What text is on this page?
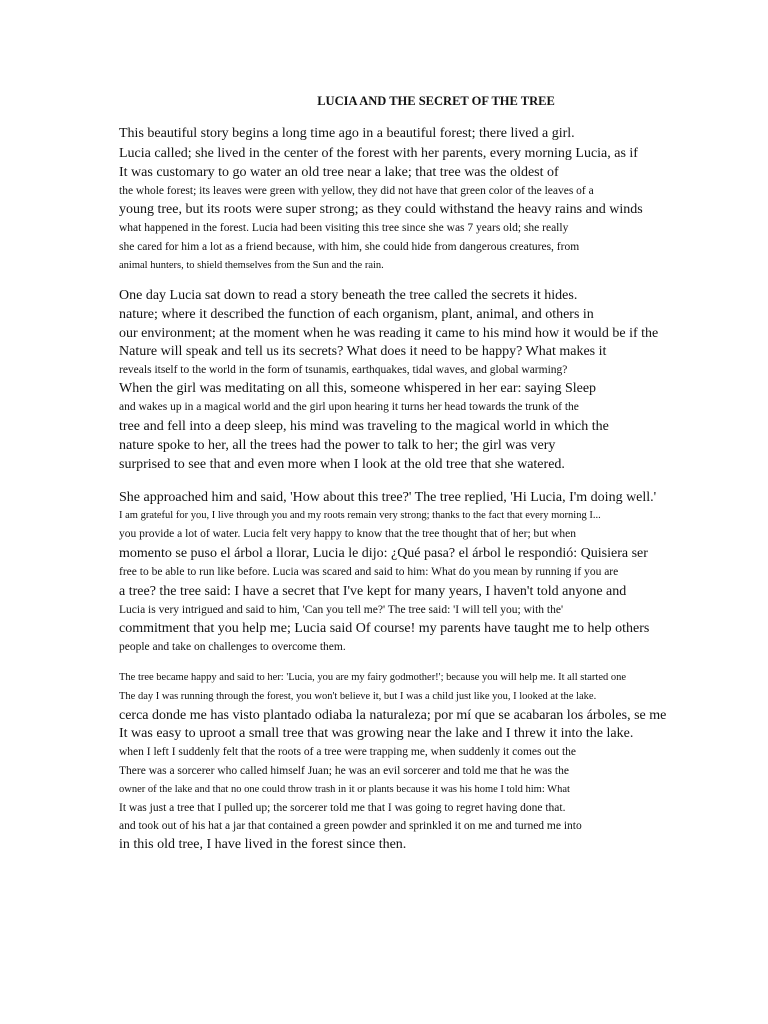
LUCIA AND THE SECRET OF THE TREE
This beautiful story begins a long time ago in a beautiful forest; there lived a girl.
Lucia called; she lived in the center of the forest with her parents, every morning Lucia, as if
It was customary to go water an old tree near a lake; that tree was the oldest of
the whole forest; its leaves were green with yellow, they did not have that green color of the leaves of a
young tree, but its roots were super strong; as they could withstand the heavy rains and winds
what happened in the forest. Lucia had been visiting this tree since she was 7 years old; she really
she cared for him a lot as a friend because, with him, she could hide from dangerous creatures, from
animal hunters, to shield themselves from the Sun and the rain.
One day Lucia sat down to read a story beneath the tree called the secrets it hides.
nature; where it described the function of each organism, plant, animal, and others in
our environment; at the moment when he was reading it came to his mind how it would be if the
Nature will speak and tell us its secrets? What does it need to be happy? What makes it
reveals itself to the world in the form of tsunamis, earthquakes, tidal waves, and global warming?
When the girl was meditating on all this, someone whispered in her ear: saying Sleep
and wakes up in a magical world and the girl upon hearing it turns her head towards the trunk of the
tree and fell into a deep sleep, his mind was traveling to the magical world in which the
nature spoke to her, all the trees had the power to talk to her; the girl was very
surprised to see that and even more when I look at the old tree that she watered.
She approached him and said, 'How about this tree?' The tree replied, 'Hi Lucia, I'm doing well.'
I am grateful for you, I live through you and my roots remain very strong; thanks to the fact that every morning I...
you provide a lot of water. Lucia felt very happy to know that the tree thought that of her; but when
momento se puso el árbol a llorar, Lucia le dijo: ¿Qué pasa? el árbol le respondió: Quisiera ser
free to be able to run like before. Lucia was scared and said to him: What do you mean by running if you are
a tree? the tree said: I have a secret that I've kept for many years, I haven't told anyone and
Lucia is very intrigued and said to him, 'Can you tell me?' The tree said: 'I will tell you; with the'
commitment that you help me; Lucia said Of course! my parents have taught me to help others
people and take on challenges to overcome them.
The tree became happy and said to her: 'Lucia, you are my fairy godmother!'; because you will help me. It all started one
The day I was running through the forest, you won't believe it, but I was a child just like you, I looked at the lake.
cerca donde me has visto plantado odiaba la naturaleza; por mí que se acabaran los árboles, se me
It was easy to uproot a small tree that was growing near the lake and I threw it into the lake.
when I left I suddenly felt that the roots of a tree were trapping me, when suddenly it comes out the
There was a sorcerer who called himself Juan; he was an evil sorcerer and told me that he was the
owner of the lake and that no one could throw trash in it or plants because it was his home I told him: What
It was just a tree that I pulled up; the sorcerer told me that I was going to regret having done that.
and took out of his hat a jar that contained a green powder and sprinkled it on me and turned me into
in this old tree, I have lived in the forest since then.
